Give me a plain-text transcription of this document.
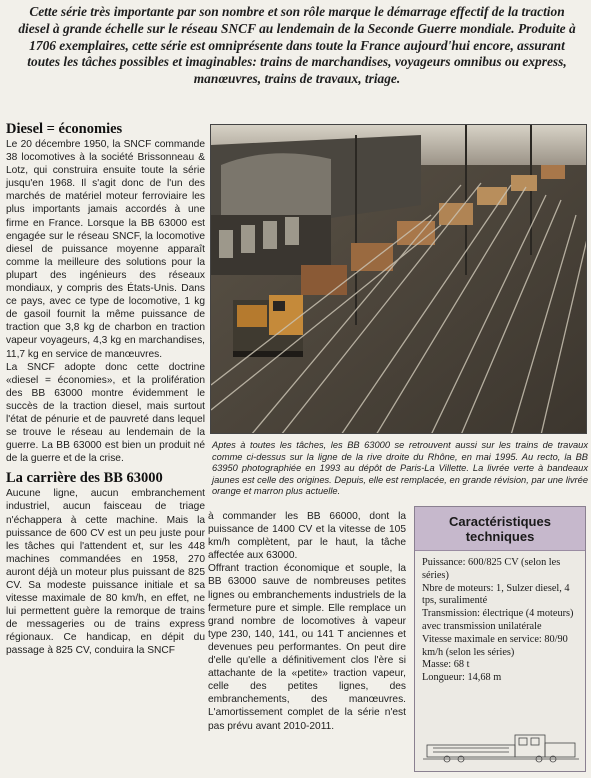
Cette série très importante par son nombre et son rôle marque le démarrage effectif de la traction diesel à grande échelle sur le réseau SNCF au lendemain de la Seconde Guerre mondiale. Produite à 1706 exemplaires, cette série est omniprésente dans toute la France aujourd'hui encore, assurant toutes les tâches possibles et imaginables: trains de marchandises, voyageurs omnibus ou express, manœuvres, trains de travaux, triage.
Diesel = économies

Le 20 décembre 1950, la SNCF commande 38 locomotives à la société Brissonneau & Lotz, qui construira ensuite toute la série jusqu'en 1968. Il s'agit donc de l'un des marchés de matériel moteur ferroviaire les plus importants jamais accordés à une firme en France. Lorsque la BB 63000 est engagée sur le réseau SNCF, la locomotive diesel de puissance moyenne apparaît comme la meilleure des solutions pour la plupart des ingénieurs des réseaux mondiaux, y compris des États-Unis. Dans ce pays, avec ce type de locomotive, 1 kg de gasoil fournit la même puissance de traction que 3,8 kg de charbon en traction vapeur voyageurs, 4,3 kg en marchandises, 11,7 kg en service de manœuvres.

La SNCF adopte donc cette doctrine «diesel = économies», et la prolifération des BB 63000 montre évidemment le succès de la traction diesel, mais surtout l'état de pénurie et de pauvreté dans lequel se trouve le réseau au lendemain de la guerre. La BB 63000 est bien un produit né de la guerre et de la crise.

La carrière des BB 63000

Aucune ligne, aucun embranchement industriel, aucun faisceau de triage n'échappera à cette machine. Mais la puissance de 600 CV est un peu juste pour les tâches qui l'attendent et, sur les 448 machines commandées en 1958, 270 auront déjà un moteur plus puissant de 825 CV. Sa modeste puissance initiale et sa vitesse maximale de 80 km/h, en effet, ne lui permettent guère la remorque de trains de messageries ou de trains express régionaux. Ce handicap, en dépit du passage à 825 CV, conduira la SNCF

Aptes à toutes les tâches, les BB 63000 se retrouvent aussi sur les trains de travaux comme ci-dessus sur la ligne de la rive droite du Rhône, en mai 1995. Au recto, la BB 63950 photographiée en 1993 au dépôt de Paris-La Villette. La livrée verte à bandeaux jaunes est celle des origines. Depuis, elle est remplacée, en grande révision, par une livrée orange et marron plus actuelle.

à commander les BB 66000, dont la puissance de 1400 CV et la vitesse de 105 km/h complètent, par le haut, la tâche affectée aux 63000.

Offrant traction économique et souple, la BB 63000 sauve de nombreuses petites lignes ou embranchements industriels de la fermeture pure et simple. Elle remplace un grand nombre de locomotives à vapeur type 230, 140, 141, ou 141 T anciennes et devenues peu performantes. On peut dire d'elle qu'elle a définitivement clos l'ère si attachante de la «petite» traction vapeur, celle des petites lignes, des embranchements, des manœuvres. L'amortissement complet de la série n'est pas prévu avant 2010-2011.

Caractéristiques
techniques
Puissance: 600/825 CV (selon les séries)
Nbre de moteurs: 1, Sulzer diesel, 4 tps, suralimenté
Transmission: électrique (4 moteurs) avec transmission unilatérale
Vitesse maximale en service: 80/90 km/h (selon les séries)
Masse: 68 t
Longueur: 14,68 m
